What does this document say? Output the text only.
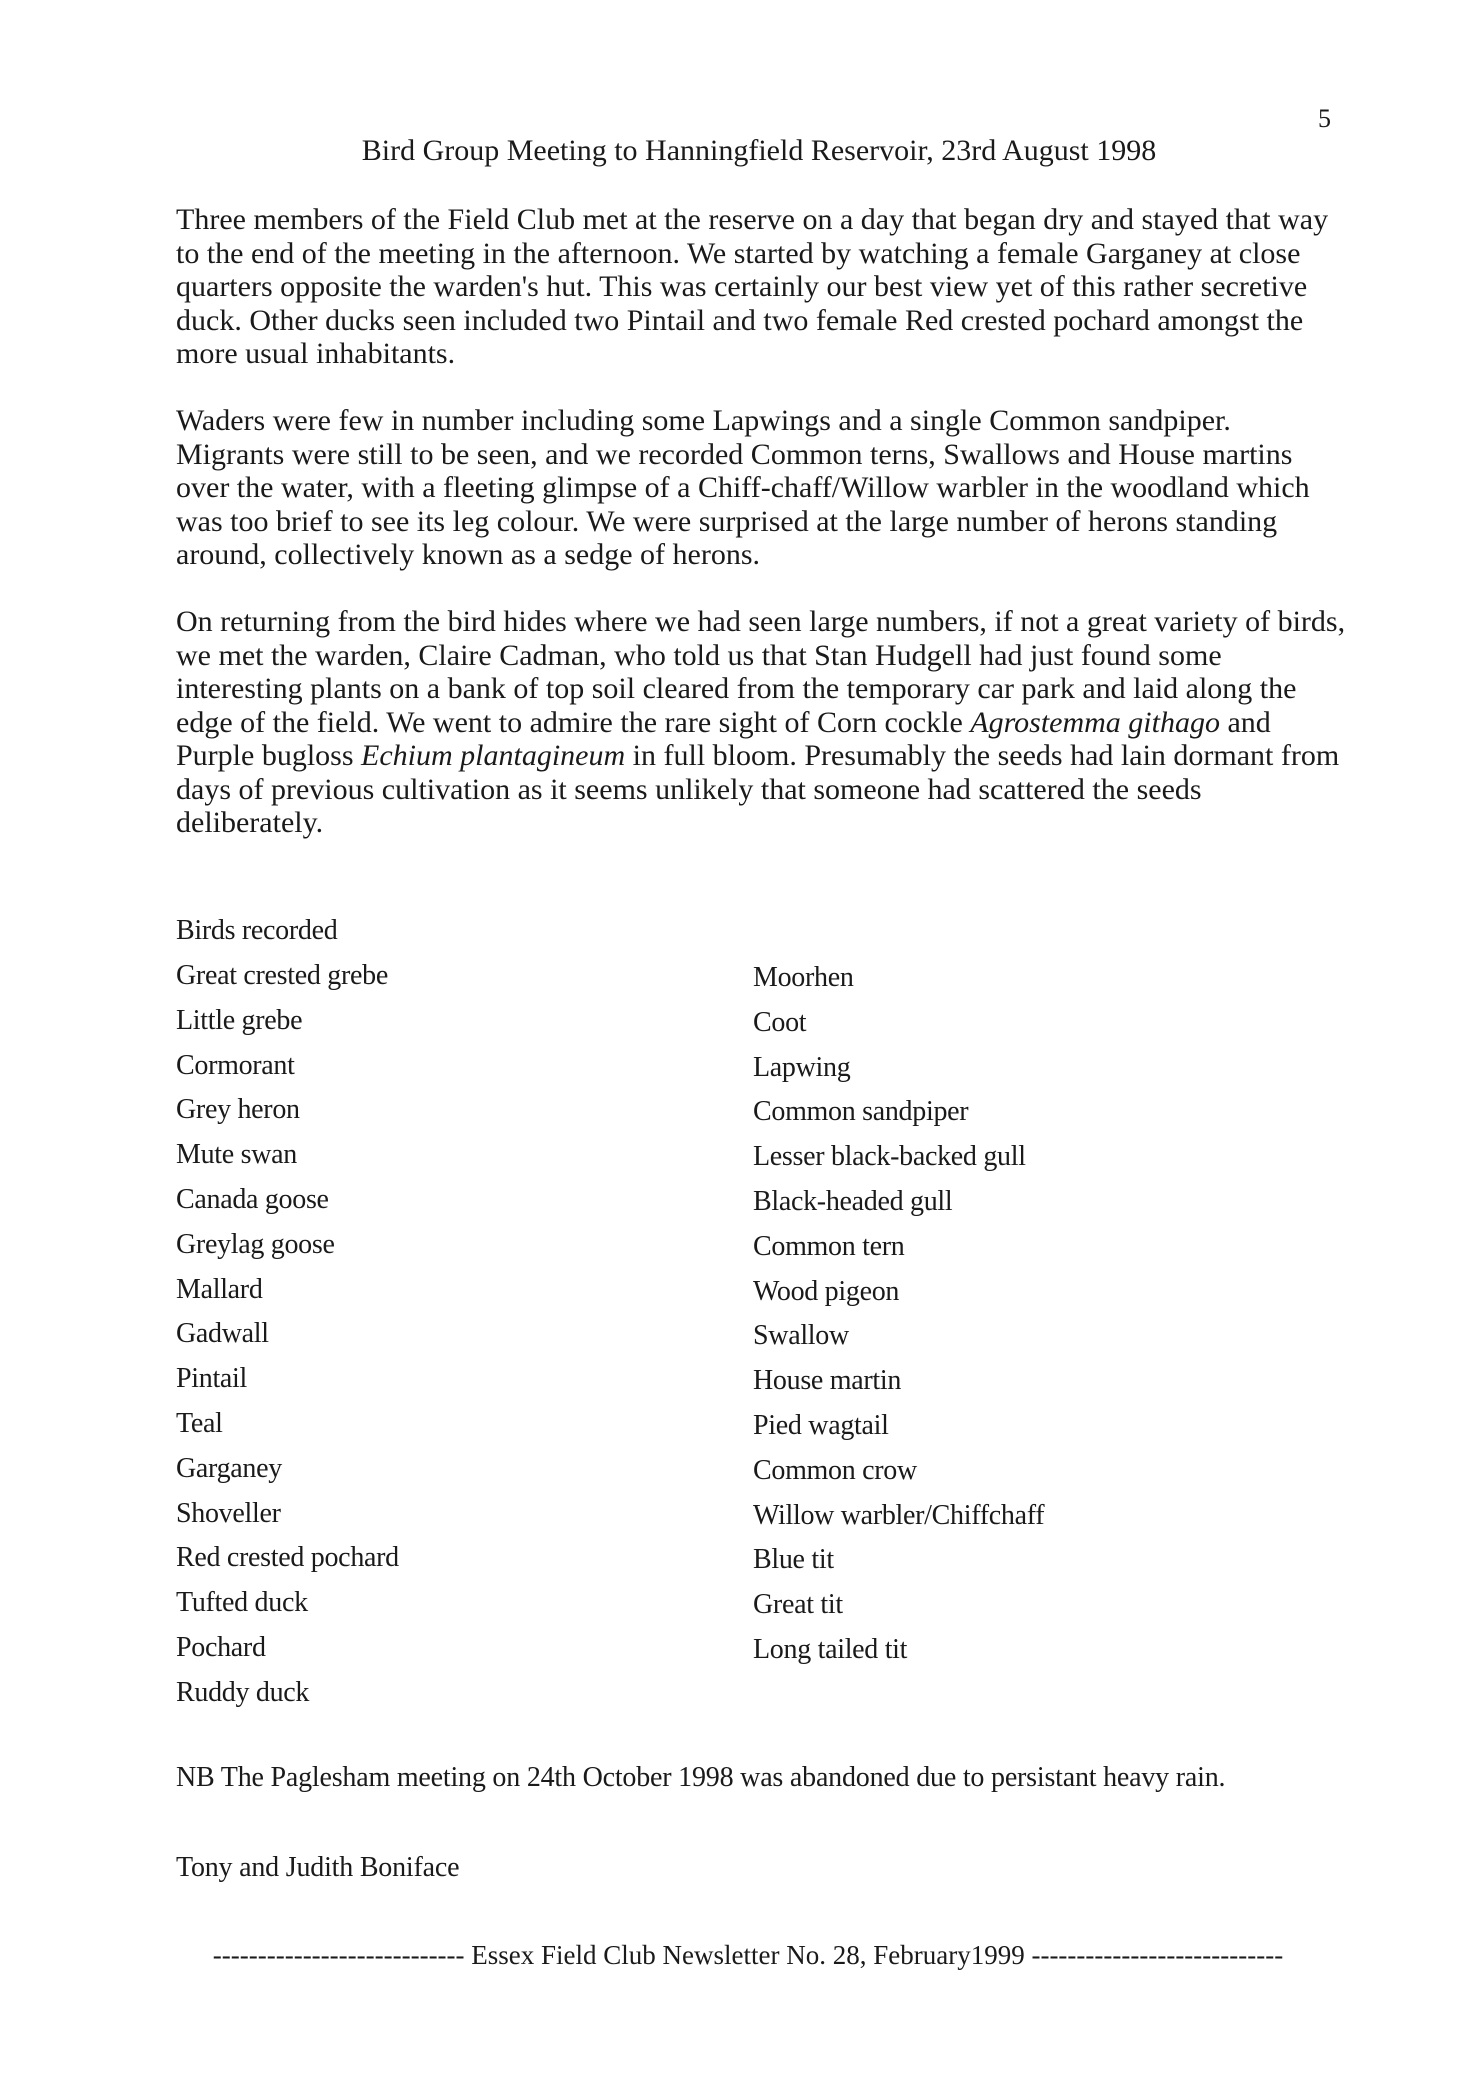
5
Bird Group Meeting to Hanningfield Reservoir, 23rd August 1998

Three members of the Field Club met at the reserve on a day that began dry and stayed that way to the end of the meeting in the afternoon. We started by watching a female Garganey at close quarters opposite the warden's hut. This was certainly our best view yet of this rather secretive duck. Other ducks seen included two Pintail and two female Red crested pochard amongst the more usual inhabitants.

Waders were few in number including some Lapwings and a single Common sandpiper. Migrants were still to be seen, and we recorded Common terns, Swallows and House martins over the water, with a fleeting glimpse of a Chiff-chaff/Willow warbler in the woodland which was too brief to see its leg colour. We were surprised at the large number of herons standing around, collectively known as a sedge of herons.

On returning from the bird hides where we had seen large numbers, if not a great variety of birds, we met the warden, Claire Cadman, who told us that Stan Hudgell had just found some interesting plants on a bank of top soil cleared from the temporary car park and laid along the edge of the field. We went to admire the rare sight of Corn cockle Agrostemma githago and Purple bugloss Echium plantagineum in full bloom. Presumably the seeds had lain dormant from days of previous cultivation as it seems unlikely that someone had scattered the seeds deliberately.

Birds recorded
Great crested grebe
Little grebe
Cormorant
Grey heron
Mute swan
Canada goose
Greylag goose
Mallard
Gadwall
Pintail
Teal
Garganey
Shoveller
Red crested pochard
Tufted duck
Pochard
Ruddy duck
Moorhen
Coot
Lapwing
Common sandpiper
Lesser black-backed gull
Black-headed gull
Common tern
Wood pigeon
Swallow
House martin
Pied wagtail
Common crow
Willow warbler/Chiffchaff
Blue tit
Great tit
Long tailed tit
NB The Paglesham meeting on 24th October 1998 was abandoned due to persistant heavy rain.
Tony and Judith Boniface
---------------------------- Essex Field Club Newsletter No. 28, February1999 ----------------------------
